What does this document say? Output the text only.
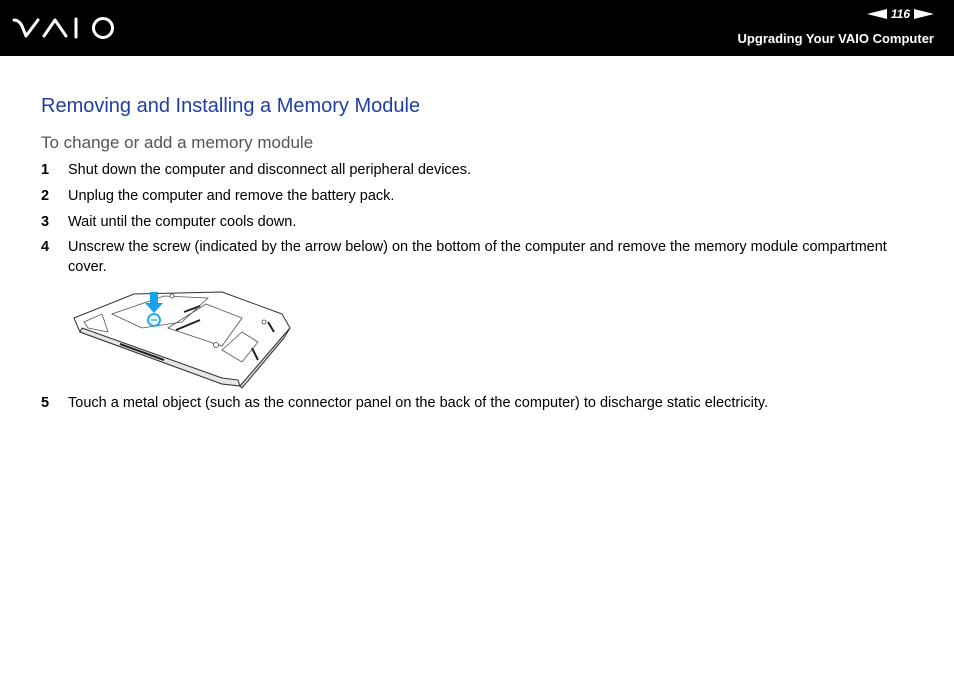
116
Upgrading Your VAIO Computer
Removing and Installing a Memory Module
To change or add a memory module
1 Shut down the computer and disconnect all peripheral devices.
2 Unplug the computer and remove the battery pack.
3 Wait until the computer cools down.
4 Unscrew the screw (indicated by the arrow below) on the bottom of the computer and remove the memory module compartment cover.
5 Touch a metal object (such as the connector panel on the back of the computer) to discharge static electricity.
